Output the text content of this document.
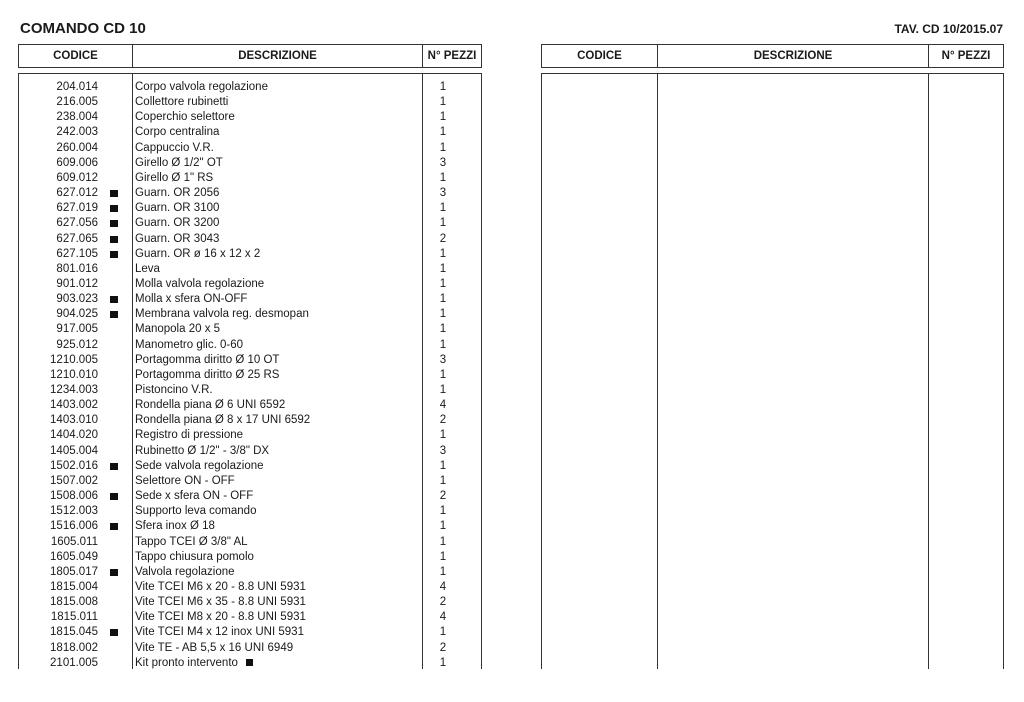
COMANDO CD 10	TAV. CD 10/2015.07
CODICE	DESCRIZIONE	N° PEZZI	CODICE	DESCRIZIONE	N° PEZZI
204.014	Corpo valvola regolazione	1
216.005	Collettore rubinetti	1
238.004	Coperchio selettore	1
242.003	Corpo centralina	1
260.004	Cappuccio V.R.	1
609.006	Girello Ø 1/2" OT	3
609.012	Girello Ø 1" RS	1
627.012	Guarn. OR 2056	3
627.019	Guarn. OR 3100	1
627.056	Guarn. OR 3200	1
627.065	Guarn. OR 3043	2
627.105	Guarn. OR ø 16 x 12 x 2	1
801.016	Leva	1
901.012	Molla valvola regolazione	1
903.023	Molla x sfera ON-OFF	1
904.025	Membrana valvola reg. desmopan	1
917.005	Manopola 20 x 5	1
925.012	Manometro glic. 0-60	1
1210.005	Portagomma diritto Ø 10 OT	3
1210.010	Portagomma diritto Ø 25 RS	1
1234.003	Pistoncino V.R.	1
1403.002	Rondella piana Ø 6 UNI 6592	4
1403.010	Rondella piana Ø 8 x 17 UNI 6592	2
1404.020	Registro di pressione	1
1405.004	Rubinetto Ø 1/2" - 3/8" DX	3
1502.016	Sede valvola regolazione	1
1507.002	Selettore ON - OFF	1
1508.006	Sede x sfera ON - OFF	2
1512.003	Supporto leva comando	1
1516.006	Sfera inox Ø 18	1
1605.011	Tappo TCEI Ø 3/8" AL	1
1605.049	Tappo chiusura pomolo	1
1805.017	Valvola regolazione	1
1815.004	Vite TCEI M6 x 20 - 8.8 UNI 5931	4
1815.008	Vite TCEI M6 x 35 - 8.8 UNI 5931	2
1815.011	Vite TCEI M8 x 20 - 8.8 UNI 5931	4
1815.045	Vite TCEI M4 x 12 inox UNI 5931	1
1818.002	Vite TE - AB 5,5 x 16 UNI 6949	2
2101.005	Kit pronto intervento	1
